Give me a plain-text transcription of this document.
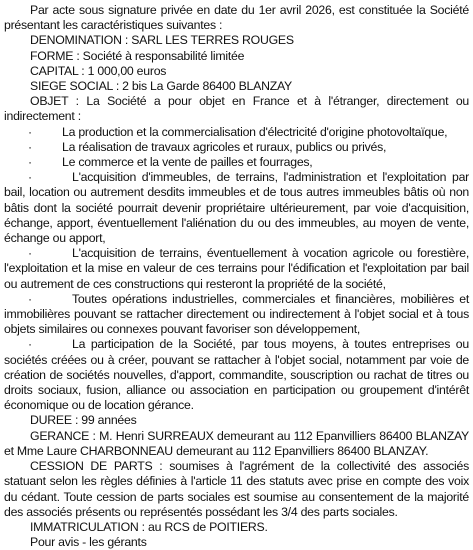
Par acte sous signature privée en date du 1er avril 2026, est constituée la Société présentant les caractéristiques suivantes :

DENOMINATION : SARL LES TERRES ROUGES

FORME : Société à responsabilité limitée

CAPITAL : 1 000,00 euros

SIEGE SOCIAL : 2 bis La Garde 86400 BLANZAY

OBJET : La Société a pour objet en France et à l'étranger, directement ou indirectement :

· La production et la commercialisation d'électricité d'origine photovoltaïque,

· La réalisation de travaux agricoles et ruraux, publics ou privés,

· Le commerce et la vente de pailles et fourrages,

·	L'acquisition d'immeubles, de terrains, l'administration et l'exploitation par bail, location ou autrement desdits immeubles et de tous autres immeubles bâtis où non bâtis dont la société pourrait devenir propriétaire ultérieurement, par voie d'acquisition, échange, apport, éventuellement l'aliénation du ou des immeubles, au moyen de vente, échange ou apport,

·	L'acquisition de terrains, éventuellement à vocation agricole ou forestière, l'exploitation et la mise en valeur de ces terrains pour l'édification et l'exploitation par bail ou autrement de ces constructions qui resteront la propriété de la société,

·	Toutes opérations industrielles, commerciales et financières, mobilières et immobilières pouvant se rattacher directement ou indirectement à l'objet social et à tous objets similaires ou connexes pouvant favoriser son développement,

·	La participation de la Société, par tous moyens, à toutes entreprises ou sociétés créées ou à créer, pouvant se rattacher à l'objet social, notamment par voie de création de sociétés nouvelles, d'apport, commandite, souscription ou rachat de titres ou droits sociaux, fusion, alliance ou association en participation ou groupement d'intérêt économique ou de location gérance.

DUREE : 99 années

GERANCE : M. Henri SURREAUX demeurant au 112 Epanvilliers 86400 BLANZAY et Mme Laure CHARBONNEAU demeurant au 112 Epanvilliers 86400 BLANZAY.

CESSION DE PARTS : soumises à l'agrément de la collectivité des associés statuant selon les règles définies à l'article 11 des statuts avec prise en compte des voix du cédant. Toute cession de parts sociales est soumise au consentement de la majorité des associés présents ou représentés possédant les 3/4 des parts sociales.

IMMATRICULATION : au RCS de POITIERS.

Pour avis - les gérants
